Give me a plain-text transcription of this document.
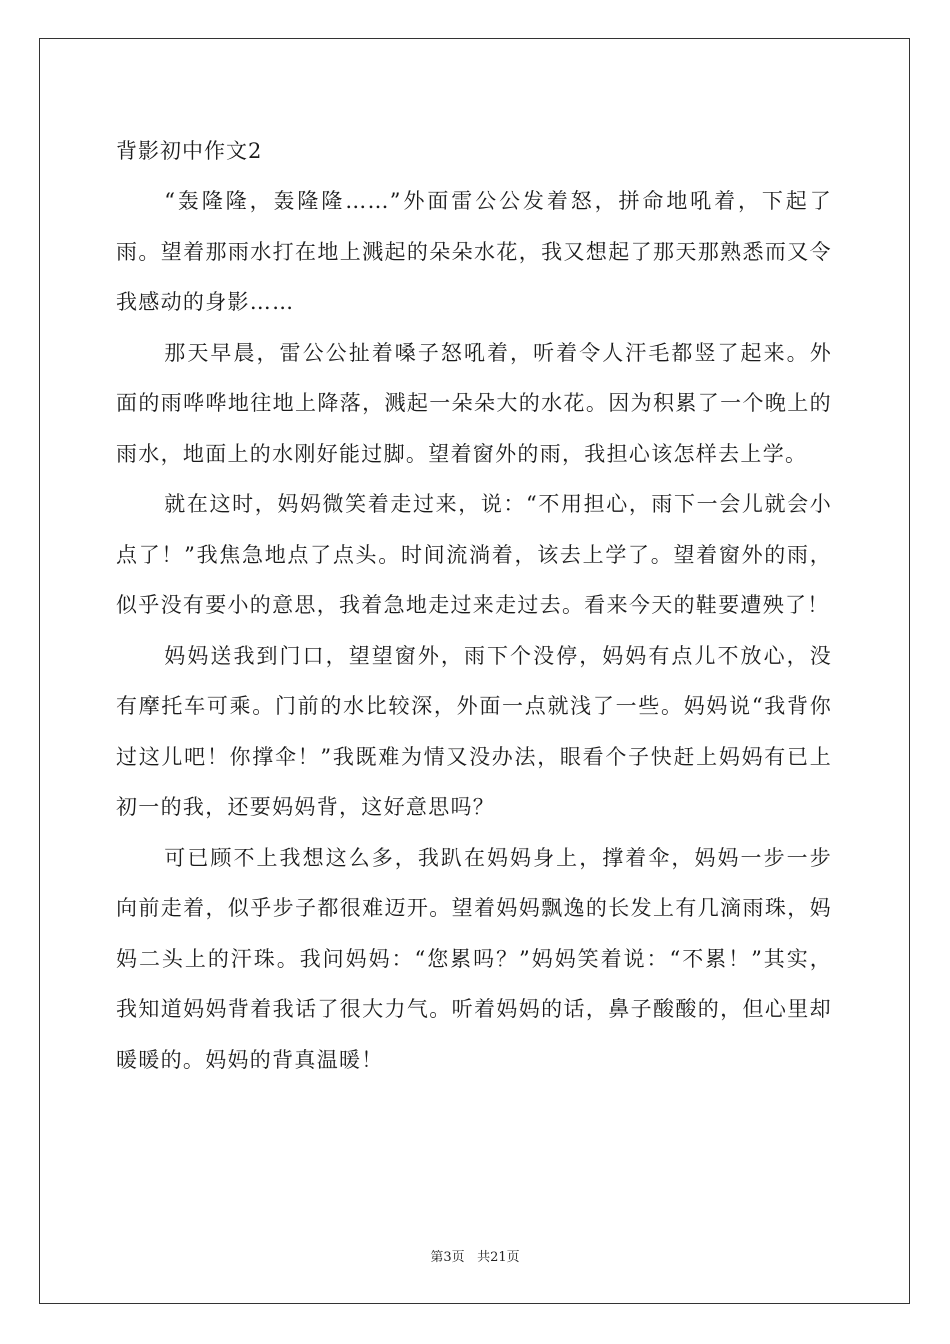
背影初中作文2

“轰隆隆，轰隆隆……”外面雷公公发着怒，拼命地吼着，下起了雨。望着那雨水打在地上溅起的朵朵水花，我又想起了那天那熟悉而又令我感动的身影……

那天早晨，雷公公扯着嗓子怒吼着，听着令人汗毛都竖了起来。外面的雨哗哗地往地上降落，溅起一朵朵大的水花。因为积累了一个晚上的雨水，地面上的水刚好能过脚。望着窗外的雨，我担心该怎样去上学。

就在这时，妈妈微笑着走过来，说：“不用担心，雨下一会儿就会小点了！”我焦急地点了点头。时间流淌着，该去上学了。望着窗外的雨，似乎没有要小的意思，我着急地走过来走过去。看来今天的鞋要遭殃了！

妈妈送我到门口，望望窗外，雨下个没停，妈妈有点儿不放心，没有摩托车可乘。门前的水比较深，外面一点就浅了一些。妈妈说“我背你过这儿吧！你撑伞！”我既难为情又没办法，眼看个子快赶上妈妈有已上初一的我，还要妈妈背，这好意思吗？

可已顾不上我想这么多，我趴在妈妈身上，撑着伞，妈妈一步一步向前走着，似乎步子都很难迈开。望着妈妈飘逸的长发上有几滴雨珠，妈妈二头上的汗珠。我问妈妈：“您累吗？”妈妈笑着说：“不累！”其实，我知道妈妈背着我话了很大力气。听着妈妈的话，鼻子酸酸的，但心里却暖暖的。妈妈的背真温暖！

第3页 共21页
